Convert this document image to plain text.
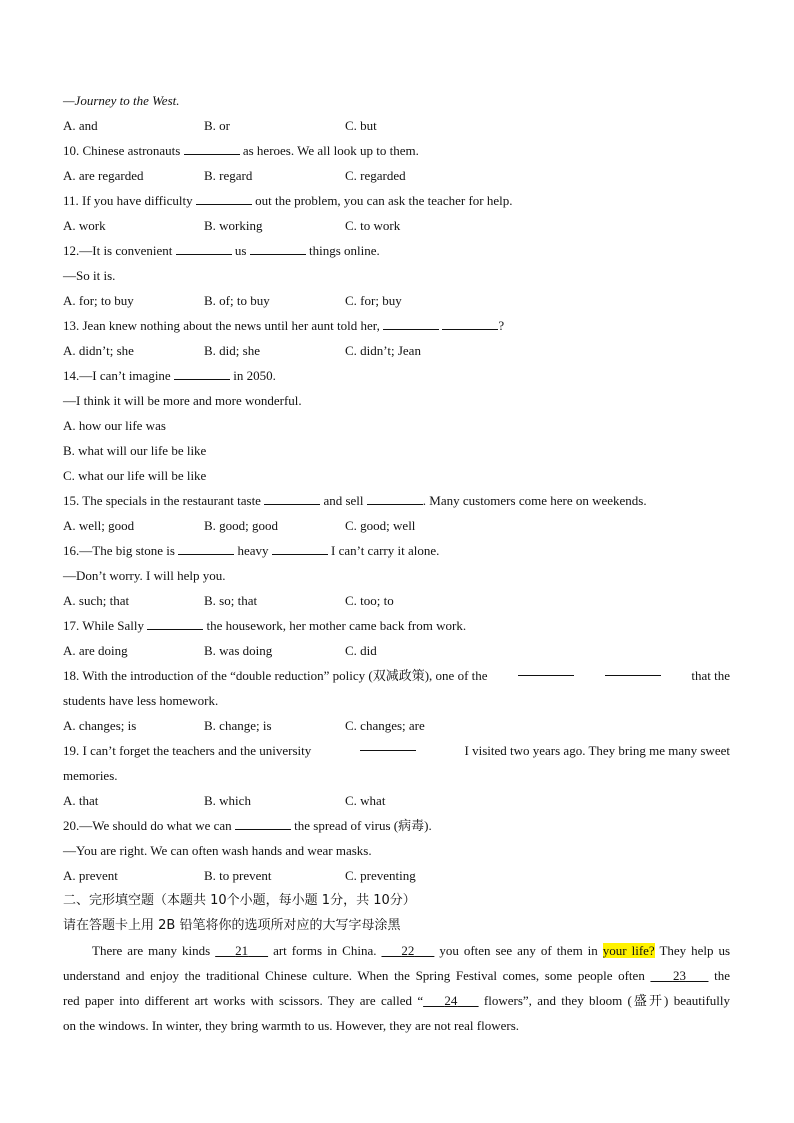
—Journey to the West.
A. and	B. or	C. but
10. Chinese astronauts	as heroes. We all look up to them.
A. are regarded	B. regard	C. regarded
11. If you have difficulty	out the problem, you can ask the teacher for help.
A. work	B. working	C. to work
12.—It is convenient	us	things online.
—So it is.
A. for; to buy	B. of; to buy	C. for; buy
13. Jean knew nothing about the news until her aunt told her,	?
A. didn’t; she	B. did; she	C. didn’t; Jean
14.—I can’t imagine	in 2050.
—I think it will be more and more wonderful.
A. how our life was
B. what will our life be like
C. what our life will be like
15. The specials in the restaurant taste	and sell	. Many customers come here on weekends.
A. well; good	B. good; good	C. good; well
16.—The big stone is	heavy	I can’t carry it alone.
—Don’t worry. I will help you.
A. such; that	B. so; that	C. too; to
17. While Sally	the housework, her mother came back from work.
A. are doing	B. was doing	C. did
18. With the introduction of the “double reduction” policy (双减政策), one of the	that the
students have less homework.
A. changes; is	B. change; is	C. changes; are
19. I can’t forget the teachers and the university	I visited two years ago. They bring me many sweet
memories.
A. that	B. which	C. what
20.—We should do what we can	the spread of virus (病毒).
—You are right. We can often wash hands and wear masks.
A. prevent	B. to prevent	C. preventing
二、完形填空题（本题共 10个小题，每小题 1分，共 10分）
请在答题卡上用 2B 铅笔将你的选项所对应的大写字母涂黑
There are many kinds     21     art forms in China.     22     you often see any of them in your life? They help us
understand and enjoy the traditional Chinese culture. When the Spring Festival comes, some people often     23     the
red paper into different art works with scissors. They are called “ 24     flowers”, and they bloom (盛开) beautifully
on the windows. In winter, they bring warmth to us. However, they are not real flowers.
